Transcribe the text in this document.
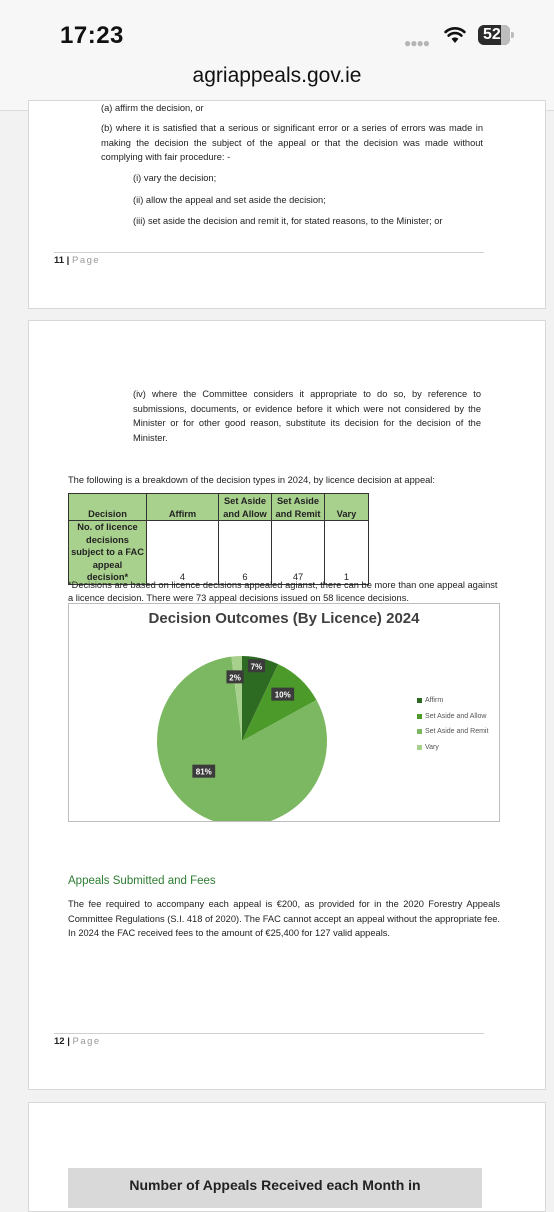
17:23	●●●●	52
agriappeals.gov.ie
(a) affirm the decision, or
(b) where it is satisfied that a serious or significant error or a series of errors was made in making the decision the subject of the appeal or that the decision was made without complying with fair procedure: -
(i) vary the decision;
(ii) allow the appeal and set aside the decision;
(iii) set aside the decision and remit it, for stated reasons, to the Minister; or
11 | Page
(iv) where the Committee considers it appropriate to do so, by reference to submissions, documents, or evidence before it which were not considered by the Minister or for other good reason, substitute its decision for the decision of the Minister.
The following is a breakdown of the decision types in 2024, by licence decision at appeal:
Decision	Affirm	Set Aside and Allow	Set Aside and Remit	Vary
No. of licence decisions subject to a FAC appeal decision*	4	6	47	1
*Decisions are based on licence decisions appealed agianst, there can be more than one appeal against a licence decision. There were 73 appeal decisions issued on 58 licence decisions.
Decision Outcomes (By Licence) 2024
7%
10%
81%
2%
Affirm
Set Aside and Allow
Set Aside and Remit
Vary
Appeals Submitted and Fees
The fee required to accompany each appeal is €200, as provided for in the 2020 Forestry Appeals Committee Regulations (S.I. 418 of 2020). The FAC cannot accept an appeal without the appropriate fee. In 2024 the FAC received fees to the amount of €25,400 for 127 valid appeals.
12 | Page
Number of Appeals Received each Month in
